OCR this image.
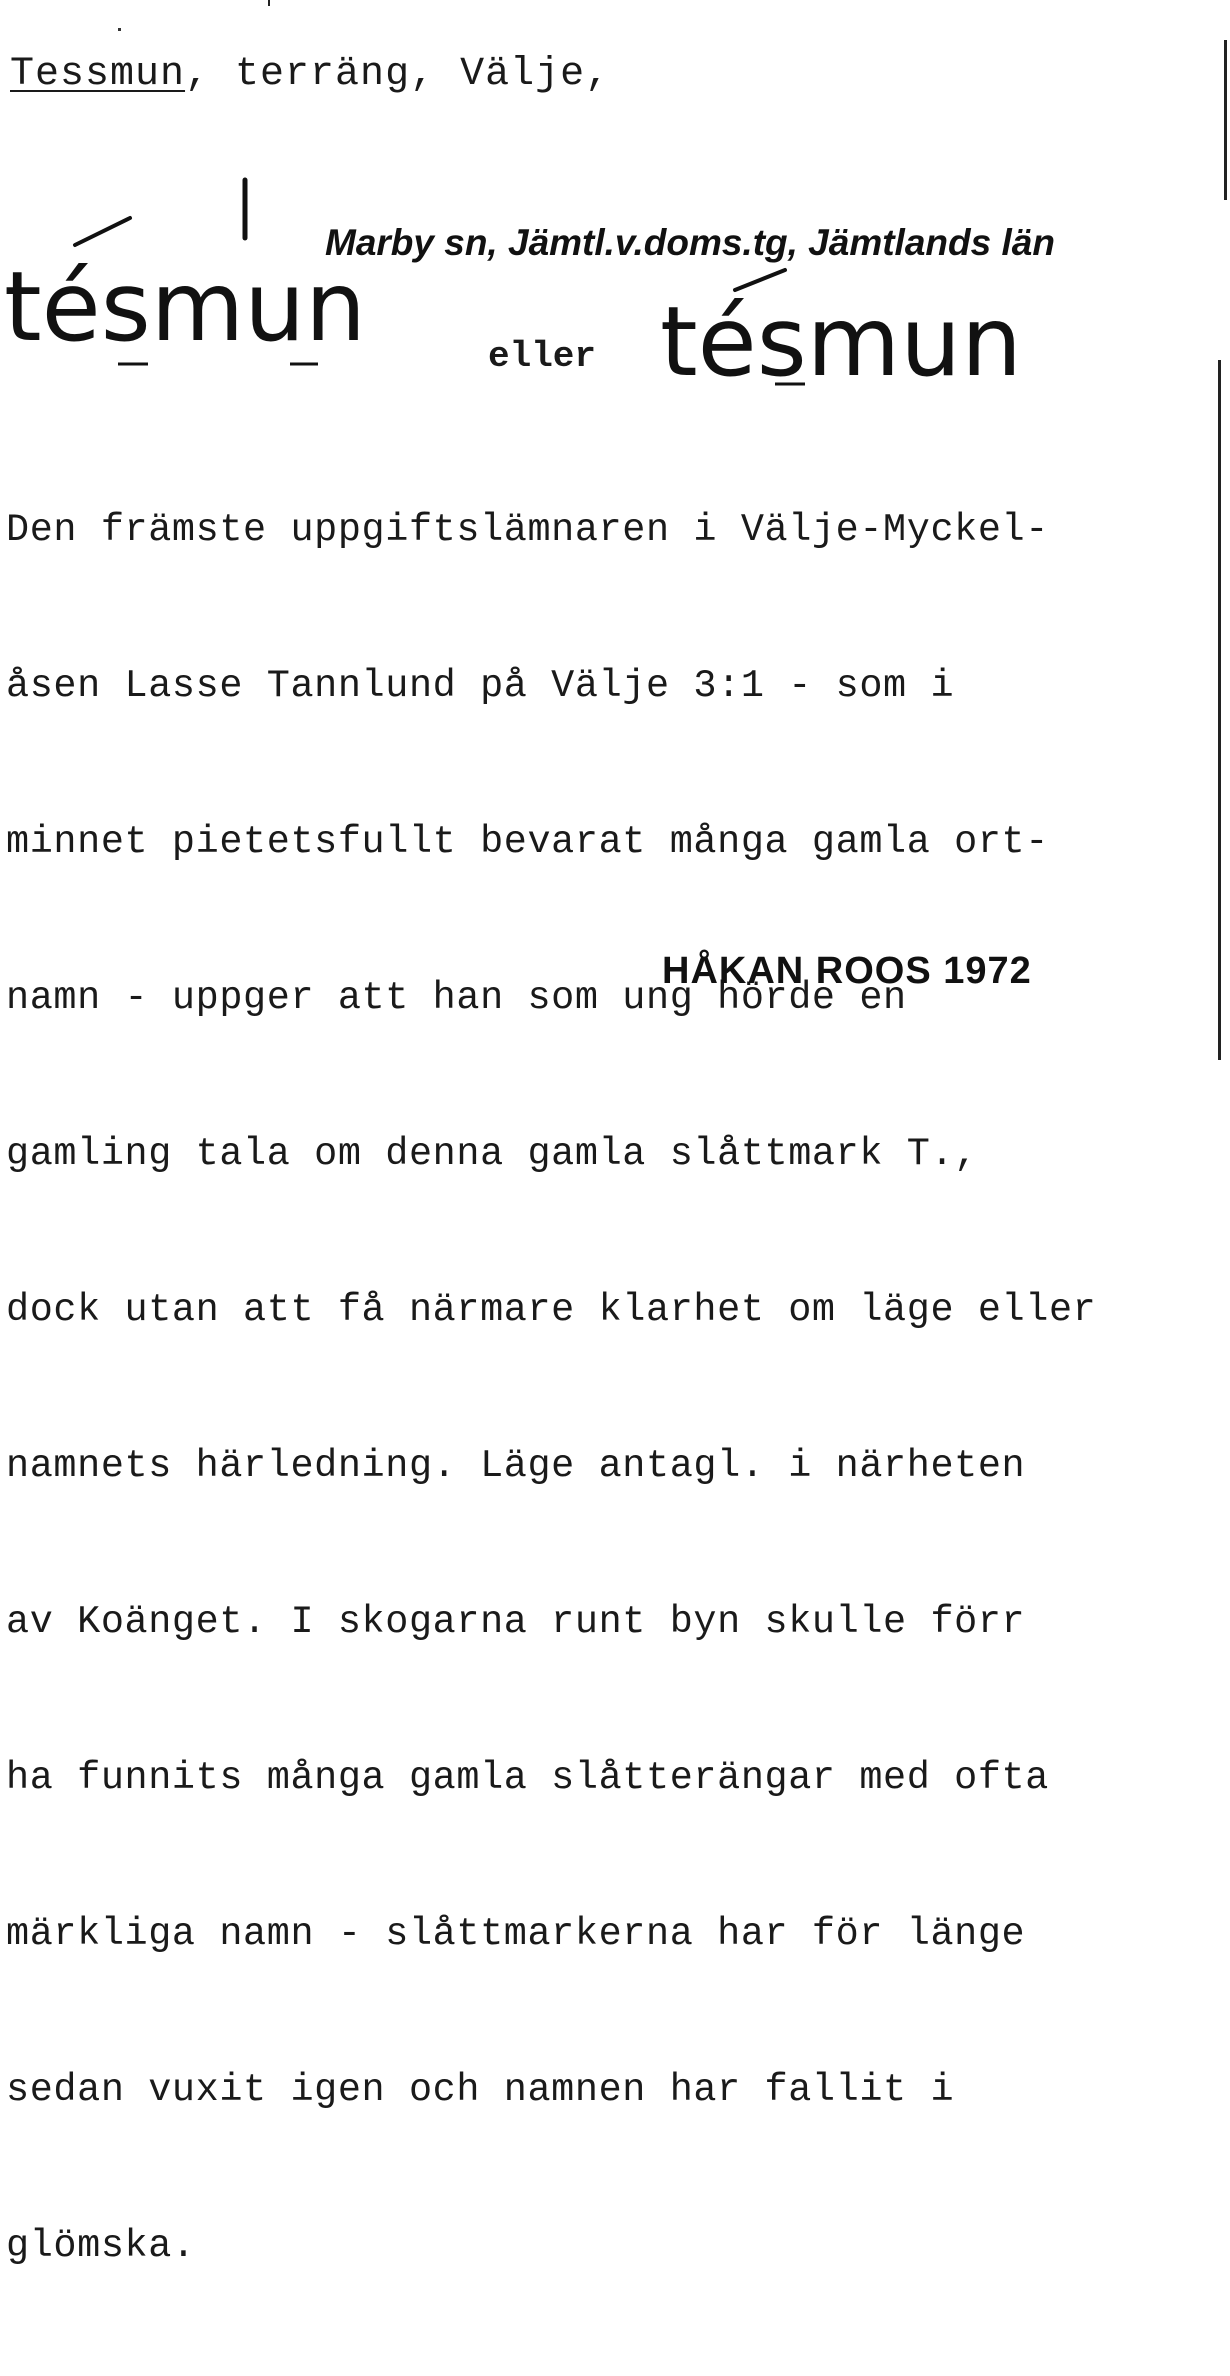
Tessmun, terräng, Välje,
Marby sn, Jämtl.v.doms.tg, Jämtlands län
tésmun	tésmun
eller

Den främste uppgiftslämnaren i Välje-Myckel-

åsen Lasse Tannlund på Välje 3:1 - som i

minnet pietetsfullt bevarat många gamla ort-

namn - uppger att han som ung hörde en

gamling tala om denna gamla slåttmark T.,

dock utan att få närmare klarhet om läge eller

namnets härledning. Läge antagl. i närheten

av Koänget. I skogarna runt byn skulle förr

ha funnits många gamla slåtterängar med ofta

märkliga namn - slåttmarkerna har för länge

sedan vuxit igen och namnen har fallit i

glömska.

HÅKAN ROOS 1972
